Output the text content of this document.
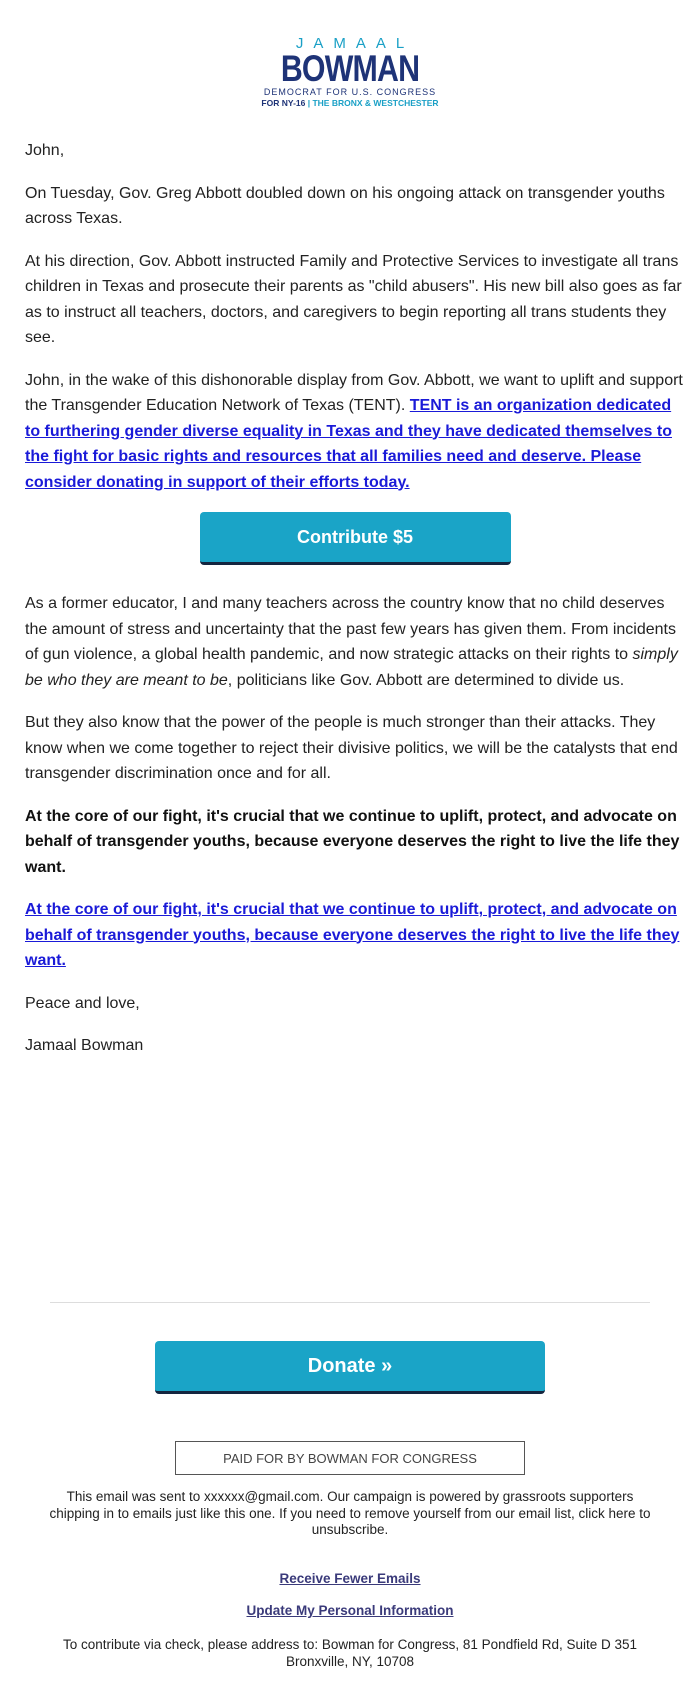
JAMAAL
BOWMAN
DEMOCRAT FOR U.S. CONGRESS
FOR NY-16 | THE BRONX & WESTCHESTER

John,

On Tuesday, Gov. Greg Abbott doubled down on his ongoing attack on transgender youths across Texas.

At his direction, Gov. Abbott instructed Family and Protective Services to investigate all trans children in Texas and prosecute their parents as "child abusers". His new bill also goes as far as to instruct all teachers, doctors, and caregivers to begin reporting all trans students they see.

John, in the wake of this dishonorable display from Gov. Abbott, we want to uplift and support the Transgender Education Network of Texas (TENT). TENT is an organization dedicated to furthering gender diverse equality in Texas and they have dedicated themselves to the fight for basic rights and resources that all families need and deserve. Please consider donating in support of their efforts today.

Contribute $5

As a former educator, I and many teachers across the country know that no child deserves the amount of stress and uncertainty that the past few years has given them. From incidents of gun violence, a global health pandemic, and now strategic attacks on their rights to simply be who they are meant to be, politicians like Gov. Abbott are determined to divide us.

But they also know that the power of the people is much stronger than their attacks. They know when we come together to reject their divisive politics, we will be the catalysts that end transgender discrimination once and for all.

At the core of our fight, it's crucial that we continue to uplift, protect, and advocate on behalf of transgender youths, because everyone deserves the right to live the life they want.

At the core of our fight, it's crucial that we continue to uplift, protect, and advocate on behalf of transgender youths, because everyone deserves the right to live the life they want.

Peace and love,

Jamaal Bowman

Donate »
PAID FOR BY BOWMAN FOR CONGRESS
This email was sent to xxxxxx@gmail.com. Our campaign is powered by grassroots supporters chipping in to emails just like this one. If you need to remove yourself from our email list, click here to unsubscribe.
Receive Fewer Emails
Update My Personal Information
To contribute via check, please address to: Bowman for Congress, 81 Pondfield Rd, Suite D 351
Bronxville, NY, 10708
